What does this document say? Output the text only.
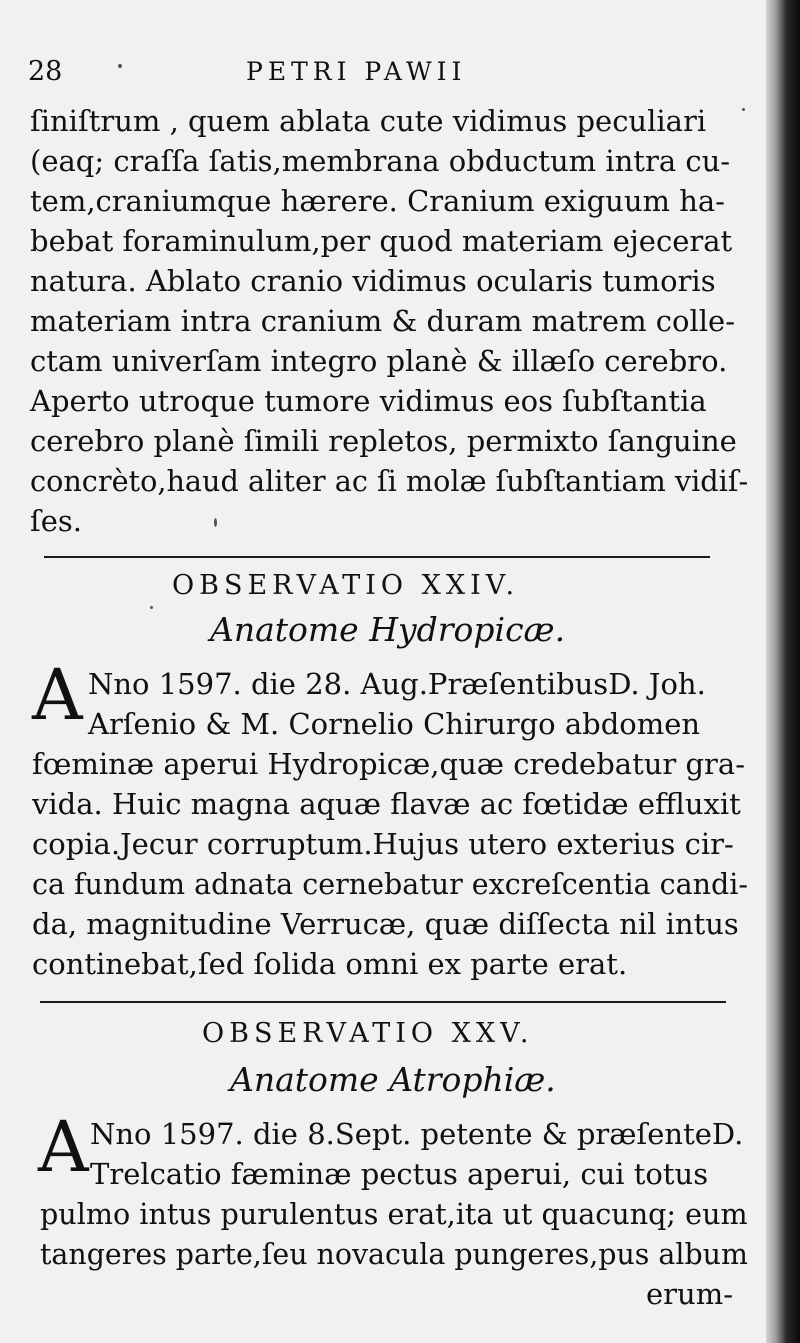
28	PETRI PAWII
ſiniſtrum , quem ablata cute vidimus peculiari
(eaq; craſſa ſatis,membrana obductum intra cu-
tem,craniumque hærere. Cranium exiguum ha-
bebat foraminulum,per quod materiam ejecerat
natura. Ablato cranio vidimus ocularis tumoris
materiam intra cranium & duram matrem colle-
ctam univerſam integro planè & illæſo cerebro.
Aperto utroque tumore vidimus eos ſubſtantia
cerebro planè ſimili repletos, permixto ſanguine
concrèto,haud aliter ac ſi molæ ſubſtantiam vidiſ-
ſes.
OBSERVATIO XXIV.
Anatome Hydropicæ.
A Nno 1597. die 28. Aug.PræſentibusD. Joh.
Arſenio & M. Cornelio Chirurgo abdomen
fœminæ aperui Hydropicæ,quæ credebatur gra-
vida. Huic magna aquæ flavæ ac fœtidæ effluxit
copia.Jecur corruptum.Hujus utero exterius cir-
ca fundum adnata cernebatur excreſcentia candi-
da, magnitudine Verrucæ, quæ diſſecta nil intus
continebat,ſed ſolida omni ex parte erat.
OBSERVATIO XXV.
Anatome Atrophiæ.
A Nno 1597. die 8.Sept. petente & præſenteD.
Trelcatio fæminæ pectus aperui, cui totus
pulmo intus purulentus erat,ita ut quacunq; eum
tangeres parte,ſeu novacula pungeres,pus album
erum-
